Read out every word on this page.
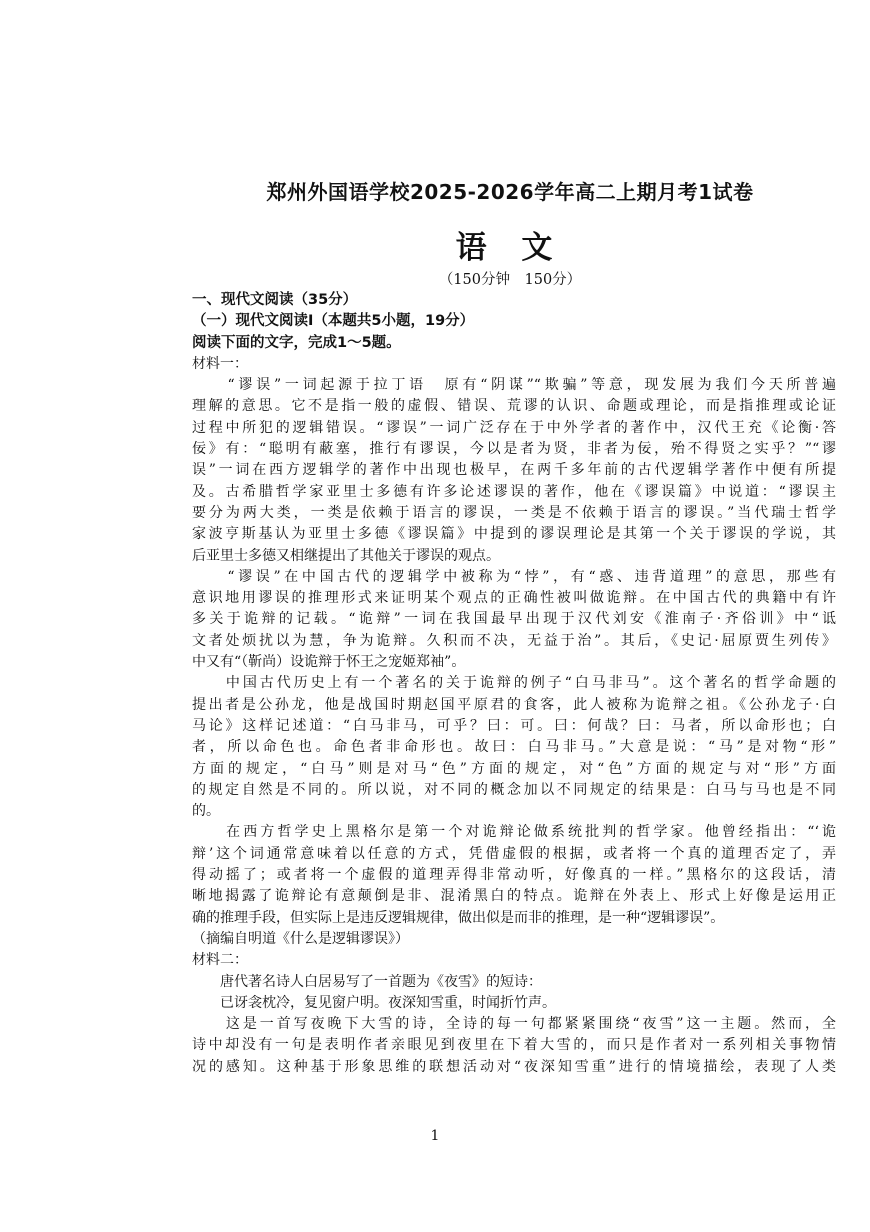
郑州外国语学校2025-2026学年高二上期月考1试卷
语 文
（150分钟　150分）
一、现代文阅读（35分）
（一）现代文阅读Ⅰ（本题共5小题，19分）
阅读下面的文字，完成1～5题。
材料一：
　　“谬误”一词起源于拉丁语　原有“阴谋”“欺骗”等意，现发展为我们今天所普遍
理解的意思。它不是指一般的虚假、错误、荒谬的认识、命题或理论，而是指推理或论证
过程中所犯的逻辑错误。“谬误”一词广泛存在于中外学者的著作中，汉代王充《论衡·答
佞》有：“聪明有蔽塞，推行有谬误，今以是者为贤，非者为佞，殆不得贤之实乎？”“谬
误”一词在西方逻辑学的著作中出现也极早，在两千多年前的古代逻辑学著作中便有所提
及。古希腊哲学家亚里士多德有许多论述谬误的著作，他在《谬误篇》中说道：“谬误主
要分为两大类，一类是依赖于语言的谬误，一类是不依赖于语言的谬误。”当代瑞士哲学
家波亨斯基认为亚里士多德《谬误篇》中提到的谬误理论是其第一个关于谬误的学说，其
后亚里士多德又相继提出了其他关于谬误的观点。
　　“谬误”在中国古代的逻辑学中被称为“悖”，有“惑、违背道理”的意思，那些有
意识地用谬误的推理形式来证明某个观点的正确性被叫做诡辩。在中国古代的典籍中有许
多关于诡辩的记载。“诡辩”一词在我国最早出现于汉代刘安《淮南子·齐俗训》中“诋
文者处烦扰以为慧，争为诡辩。久积而不决，无益于治”。其后，《史记·屈原贾生列传》
中又有“（靳尚）设诡辩于怀王之宠姬郑袖”。
　　中国古代历史上有一个著名的关于诡辩的例子“白马非马”。这个著名的哲学命题的
提出者是公孙龙，他是战国时期赵国平原君的食客，此人被称为诡辩之祖。《公孙龙子·白
马论》这样记述道：“白马非马，可乎？曰：可。曰：何哉？曰：马者，所以命形也；白
者，所以命色也。命色者非命形也。故曰：白马非马。”大意是说：“马”是对物“形”
方面的规定，“白马”则是对马“色”方面的规定，对“色”方面的规定与对“形”方面
的规定自然是不同的。所以说，对不同的概念加以不同规定的结果是：白马与马也是不同
的。
　　在西方哲学史上黑格尔是第一个对诡辩论做系统批判的哲学家。他曾经指出：“‘诡
辩’这个词通常意味着以任意的方式，凭借虚假的根据，或者将一个真的道理否定了，弄
得动摇了；或者将一个虚假的道理弄得非常动听，好像真的一样。”黑格尔的这段话，清
晰地揭露了诡辩论有意颠倒是非、混淆黑白的特点。诡辩在外表上、形式上好像是运用正
确的推理手段，但实际上是违反逻辑规律，做出似是而非的推理，是一种“逻辑谬误”。
（摘编自明道《什么是逻辑谬误》）
材料二：
　　唐代著名诗人白居易写了一首题为《夜雪》的短诗：
　　已讶衾枕冷，复见窗户明。夜深知雪重，时闻折竹声。
　　这是一首写夜晚下大雪的诗，全诗的每一句都紧紧围绕“夜雪”这一主题。然而，全
诗中却没有一句是表明作者亲眼见到夜里在下着大雪的，而只是作者对一系列相关事物情
况的感知。这种基于形象思维的联想活动对“夜深知雪重”进行的情境描绘，表现了人类
1
